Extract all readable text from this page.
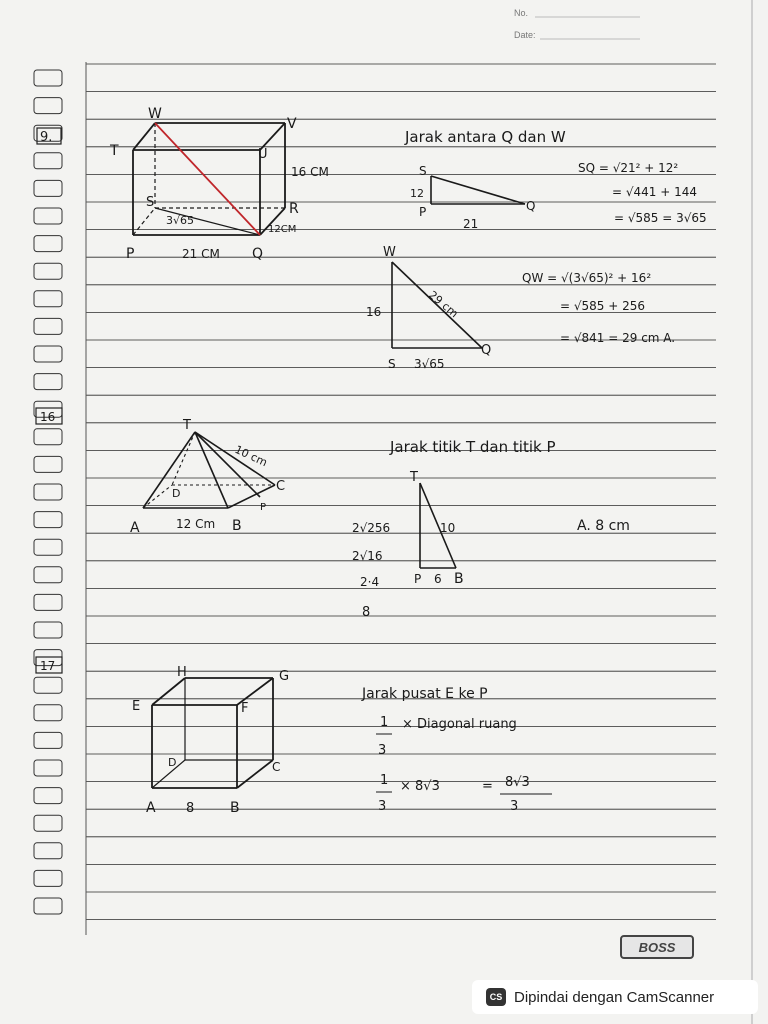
No.
Date:
9.
W
V
T	U
S	R
P	Q
16 CM
12CM
21 CM
3√65
Jarak antara Q dan W
S
P	Q
12
21
SQ = √21² + 12²
= √441 + 144
= √585 = 3√65
W
S
Q
16
3√65
29 cm
QW = √(3√65)² + 16²
= √585 + 256
= √841 = 29 cm A.
16
T
A	B
C
D
P
10 cm
12 Cm
Jarak titik T dan titik P
T
P B
10
6
2√256
2√16
2·4
8
A. 8 cm
17	H	G
E	F
D	C
A	B
8
Jarak pusat E ke P
1
3
× Diagonal ruang
1
3
× 8√3	= 8√3
3
BOSS
CS Dipindai dengan CamScanner
